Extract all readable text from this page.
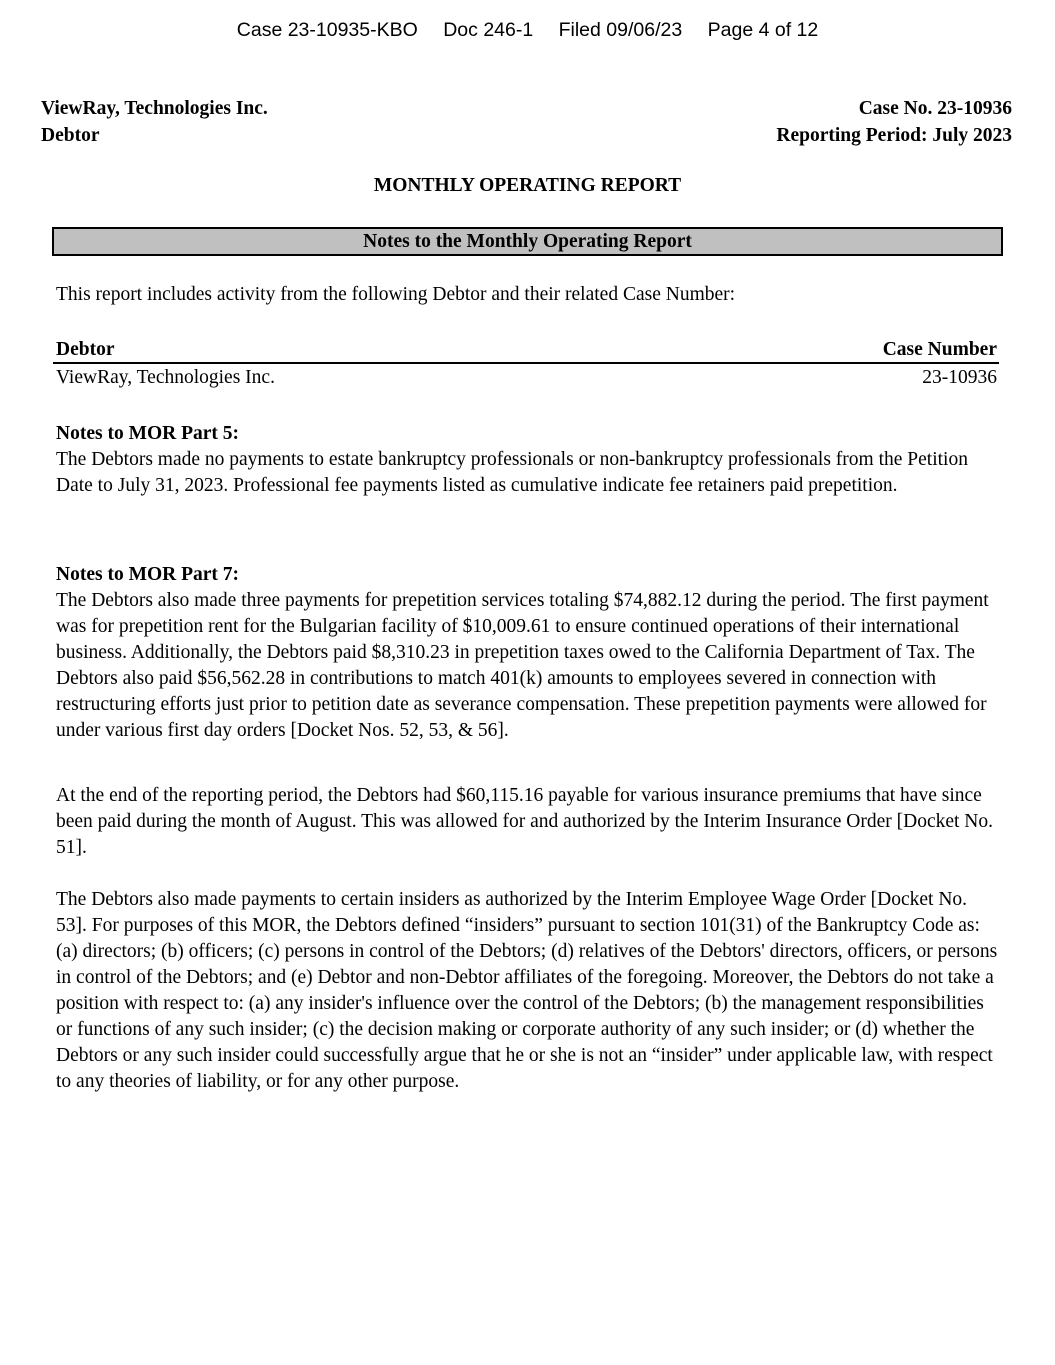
Case 23-10935-KBO Doc 246-1 Filed 09/06/23 Page 4 of 12
ViewRay, Technologies Inc.
Debtor
Case No. 23-10936
Reporting Period: July 2023
MONTHLY OPERATING REPORT
Notes to the Monthly Operating Report
This report includes activity from the following Debtor and their related Case Number:
Debtor	Case Number
ViewRay, Technologies Inc.	23-10936
Notes to MOR Part 5:

The Debtors made no payments to estate bankruptcy professionals or non-bankruptcy professionals from the Petition Date to July 31, 2023. Professional fee payments listed as cumulative indicate fee retainers paid prepetition.

Notes to MOR Part 7:

The Debtors also made three payments for prepetition services totaling $74,882.12 during the period. The first payment was for prepetition rent for the Bulgarian facility of $10,009.61 to ensure continued operations of their international business. Additionally, the Debtors paid $8,310.23 in prepetition taxes owed to the California Department of Tax. The Debtors also paid $56,562.28 in contributions to match 401(k) amounts to employees severed in connection with restructuring efforts just prior to petition date as severance compensation. These prepetition payments were allowed for under various first day orders [Docket Nos. 52, 53, & 56].

At the end of the reporting period, the Debtors had $60,115.16 payable for various insurance premiums that have since been paid during the month of August. This was allowed for and authorized by the Interim Insurance Order [Docket No. 51].

The Debtors also made payments to certain insiders as authorized by the Interim Employee Wage Order [Docket No. 53]. For purposes of this MOR, the Debtors defined “insiders” pursuant to section 101(31) of the Bankruptcy Code as: (a) directors; (b) officers; (c) persons in control of the Debtors; (d) relatives of the Debtors' directors, officers, or persons in control of the Debtors; and (e) Debtor and non-Debtor affiliates of the foregoing. Moreover, the Debtors do not take a position with respect to: (a) any insider's influence over the control of the Debtors; (b) the management responsibilities or functions of any such insider; (c) the decision making or corporate authority of any such insider; or (d) whether the Debtors or any such insider could successfully argue that he or she is not an “insider” under applicable law, with respect to any theories of liability, or for any other purpose.
